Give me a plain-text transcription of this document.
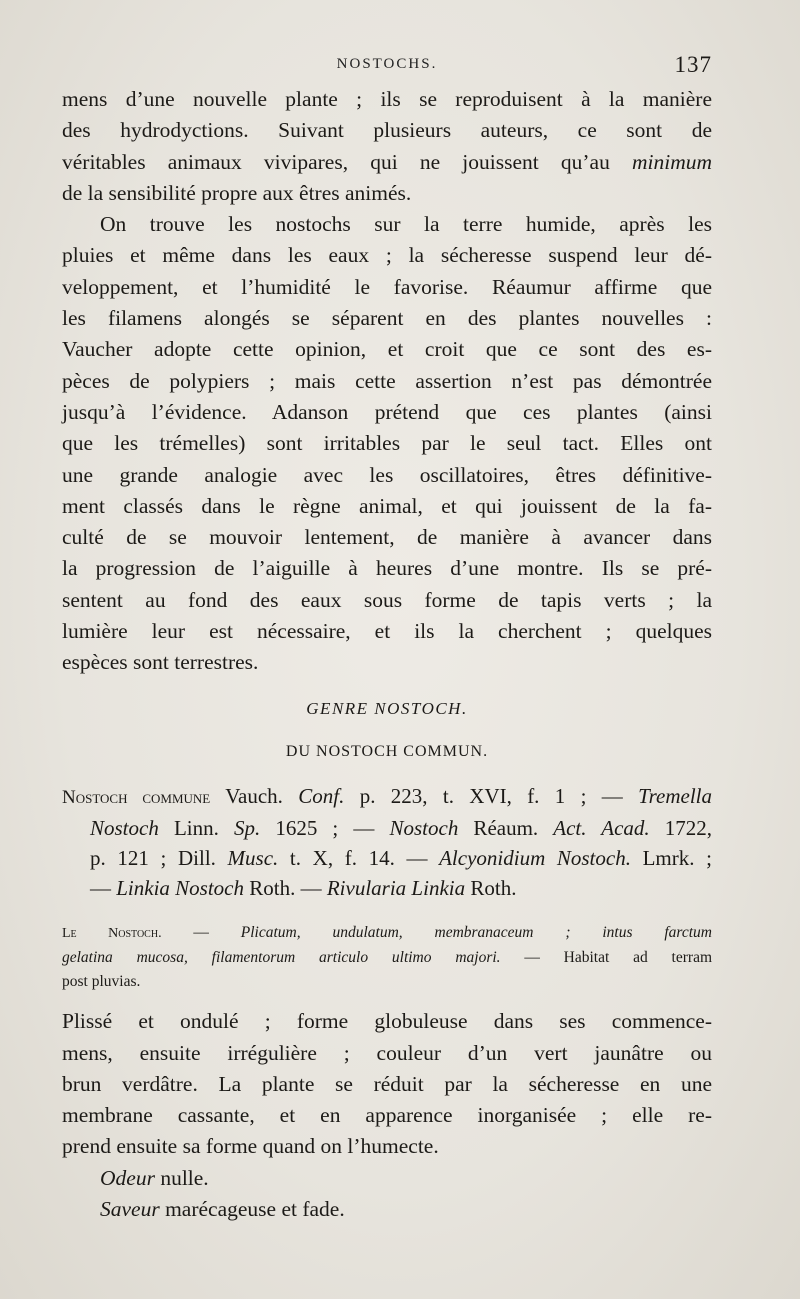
NOSTOCHS.	137

mens d’une nouvelle plante ; ils se reproduisent à la manière
des hydrodyctions. Suivant plusieurs auteurs, ce sont de
véritables animaux vivipares, qui ne jouissent qu’au minimum
de la sensibilité propre aux êtres animés.

On trouve les nostochs sur la terre humide, après les
pluies et même dans les eaux ; la sécheresse suspend leur dé-
veloppement, et l’humidité le favorise. Réaumur affirme que
les filamens alongés se séparent en des plantes nouvelles :
Vaucher adopte cette opinion, et croit que ce sont des es-
pèces de polypiers ; mais cette assertion n’est pas démontrée
jusqu’à l’évidence. Adanson prétend que ces plantes (ainsi
que les trémelles) sont irritables par le seul tact. Elles ont
une grande analogie avec les oscillatoires, êtres définitive-
ment classés dans le règne animal, et qui jouissent de la fa-
culté de se mouvoir lentement, de manière à avancer dans
la progression de l’aiguille à heures d’une montre. Ils se pré-
sentent au fond des eaux sous forme de tapis verts ; la
lumière leur est nécessaire, et ils la cherchent ; quelques
espèces sont terrestres.

GENRE NOSTOCH.
DU NOSTOCH COMMUN.
Nostoch commune Vauch. Conf. p. 223, t. XVI, f. 1 ; — Tremella
Nostoch Linn. Sp. 1625 ; — Nostoch Réaum. Act. Acad. 1722,
p. 121 ; Dill. Musc. t. X, f. 14. — Alcyonidium Nostoch. Lmrk. ;
— Linkia Nostoch Roth. — Rivularia Linkia Roth.
Le Nostoch. — Plicatum, undulatum, membranaceum ; intus farctum
gelatina mucosa, filamentorum articulo ultimo majori. — Habitat ad terram
post pluvias.
Plissé et ondulé ; forme globuleuse dans ses commence-
mens, ensuite irrégulière ; couleur d’un vert jaunâtre ou
brun verdâtre. La plante se réduit par la sécheresse en une
membrane cassante, et en apparence inorganisée ; elle re-
prend ensuite sa forme quand on l’humecte.
Odeur nulle.
Saveur marécageuse et fade.
